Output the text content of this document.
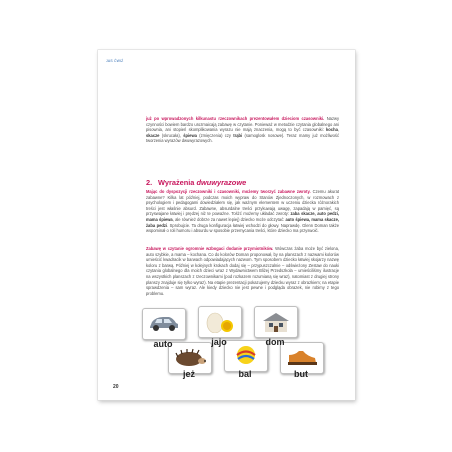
JAS ĆWIŻ

już po wprowadzonych kilkunastu rzeczownikach prezentowałem dzieciom czasowniki. Nazwy czynności bowiem bardzo urozmaicają zabawę w czytanie. Ponieważ w metodzie czytania globalnego ani pisownia, ani stopień skomplikowania wyrazu nie mają znaczenia, mogą to być czasowniki: kocha, skacze (skrucała), śpiewa (zmięczenia) czy trąbi (samoglosk nosowe). Teraz mamy już możliwość tworzenia wyrazów dwuwyrazowych.

2. Wyrażenia dwuwyrazowe

Mając do dyspozycji rzeczowniki i czasowniki, możemy tworzyć zabawne zwroty. Czemu akurat zabawne? Kilka lat później, podczas moich wypraw do Stanów Zjednoczonych, w rozmowach z psychologiem i pedagogami dowiedziałem się, jak ważnym elementem w uczeniu dziecka różnorakich treści jest właśnie absurd. Zabawne, absurdalne treści przykuwają uwagę, zapadają w pamięć, są przyswajane łatwiej i prędzej niż te poważne. Tośżć możemy układać zwroty: zaba skacze, auto pedzi, mama śpiewa, ale również dobrze za nawet lepiej) dziecko może odczytać: auto śpiewa, mama skacze, żaba pedzi. Sprobujcie. Ta druga konfiguracja łatwiej wchodzi do głowy. Naprawdę. Glenn Doman także wspominał o roli humoru i absurdu w sposobie przemycania treści, które dziecko ma przyswoić.

Zabawę w czytanie ogromnie wzbogaci dodanie przymiotników. Wówczas żaba może być zielona, auto szybkie, a mama – kochana. Co do kolorów Doman proponował, by na planszach z nazwami kolorów umieścić kwadracik w barwach odpowiadających nazwom. Tym sposobem dziecko łatwiej skojarzy nazwę koloru z barwą. Później w kolejnych krokach dodaj się – przypuszczalnie – odświeżony Zestaw do nauki czytania globalnego dla moich dzieci wraz z Wydawnictwem Bliżej Przedszkola – umieściliśmy ilustracje na wszystkich planszach z rzeczownikami (pod rozkazem rozumianą się wraz), natomiast z drugiej strony planszy znajduje się tylko wyraz). Na etapie prezentacji pokazujemy dziecku wyraz z obrazkiem; na etapie sprawdzenia – sam wyraz. Ale kiedy dziecko nie jest pewne i podgląda obrazek, nie robimy z tego problemu.

auto
jeż
jajo
bal
dom
but
20
